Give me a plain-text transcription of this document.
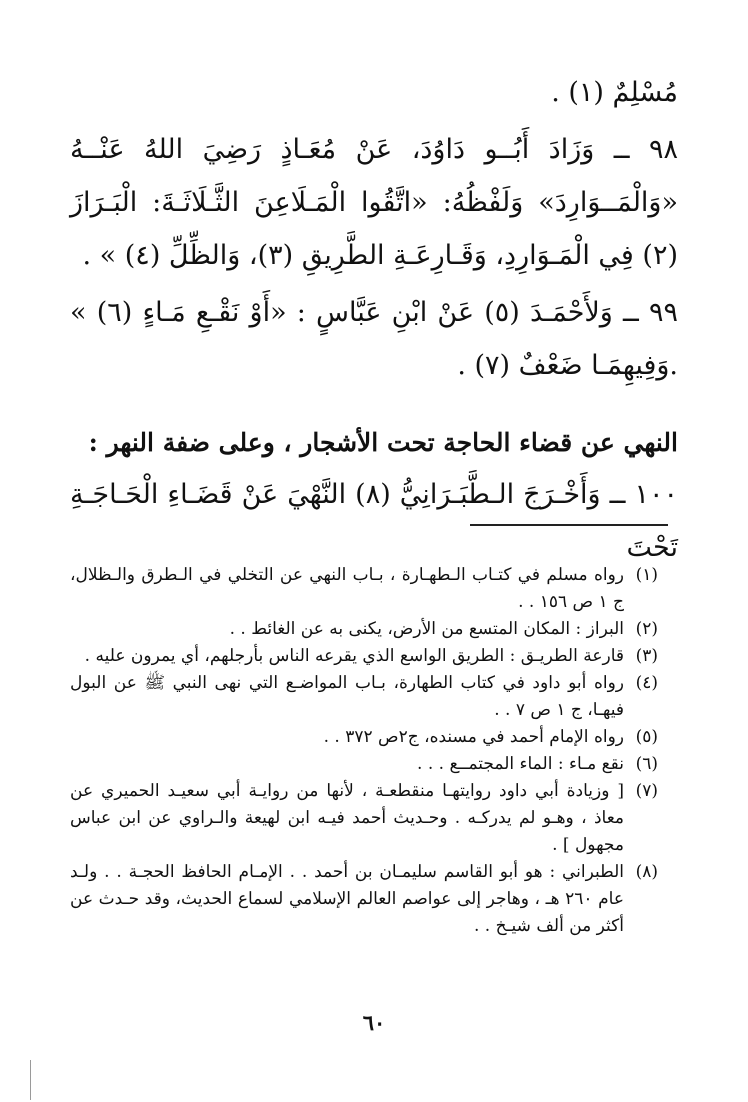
مُسْلِمٌ (١) .

٩٨ ــ وَزَادَ أَبُــو دَاوُدَ، عَنْ مُعَـاذٍ رَضِيَ اللهُ عَنْــهُ «وَالْمَــوَارِدَ» وَلَفْظُهُ: «اتَّقُوا الْمَـلَاعِنَ الثَّـلَاثَـةَ: الْبَـرَازَ (٢) فِي الْمَـوَارِدِ، وَقَـارِعَـةِ الطَّرِيقِ (٣)، وَالظِّلِّ (٤) » .

٩٩ ــ وَلأَحْمَـدَ (٥) عَنْ ابْنِ عَبَّاسٍ : «أَوْ نَقْـعِ مَـاءٍ (٦) » .وَفِيهِمَـا ضَعْفٌ (٧) .

النهي عن قضاء الحاجة تحت الأشجار ، وعلى ضفة النهر :

١٠٠ ــ وَأَخْـرَجَ الـطَّبَـرَانِيُّ (٨) النَّهْيَ عَنْ قَضَـاءِ الْحَـاجَـةِ تَحْتَ

(١)
رواه مسلم في كتـاب الـطهـارة ، بـاب النهي عن التخلي في الـطرق والـظلال، ج ١ ص ١٥٦ . .
(٢)
البراز : المكان المتسع من الأرض، يكنى به عن الغائط . .
(٣)
قارعة الطريـق : الطريق الواسع الذي يقرعه الناس بأرجلهم، أي يمرون عليه .
(٤)
رواه أبو داود في كتاب الطهارة، بـاب المواضـع التي نهى النبي ﷺ عن البول فيهـا، ج ١ ص ٧ . .
(٥)
رواه الإمام أحمد في مسنده، ج٢ص ٣٧٢ . .
(٦)
نقع مـاء : الماء المجتمــع . . .
(٧)
[ وزيادة أبي داود روايتهـا منقطعـة ، لأنها من روايـة أبي سعيـد الحميري عن معاذ ، وهـو لم يدركـه . وحـديث أحمد فيـه ابن لهيعة والـراوي عن ابن عباس مجهول ] .
(٨)
الطبراني : هو أبو القاسم سليمـان بن أحمد . . الإمـام الحافظ الحجـة . . ولـد عام ٢٦٠ هـ ، وهاجر إلى عواصم العالم الإسلامي لسماع الحديث، وقد حـدث عن أكثر من ألف شيـخ . .
٦٠
